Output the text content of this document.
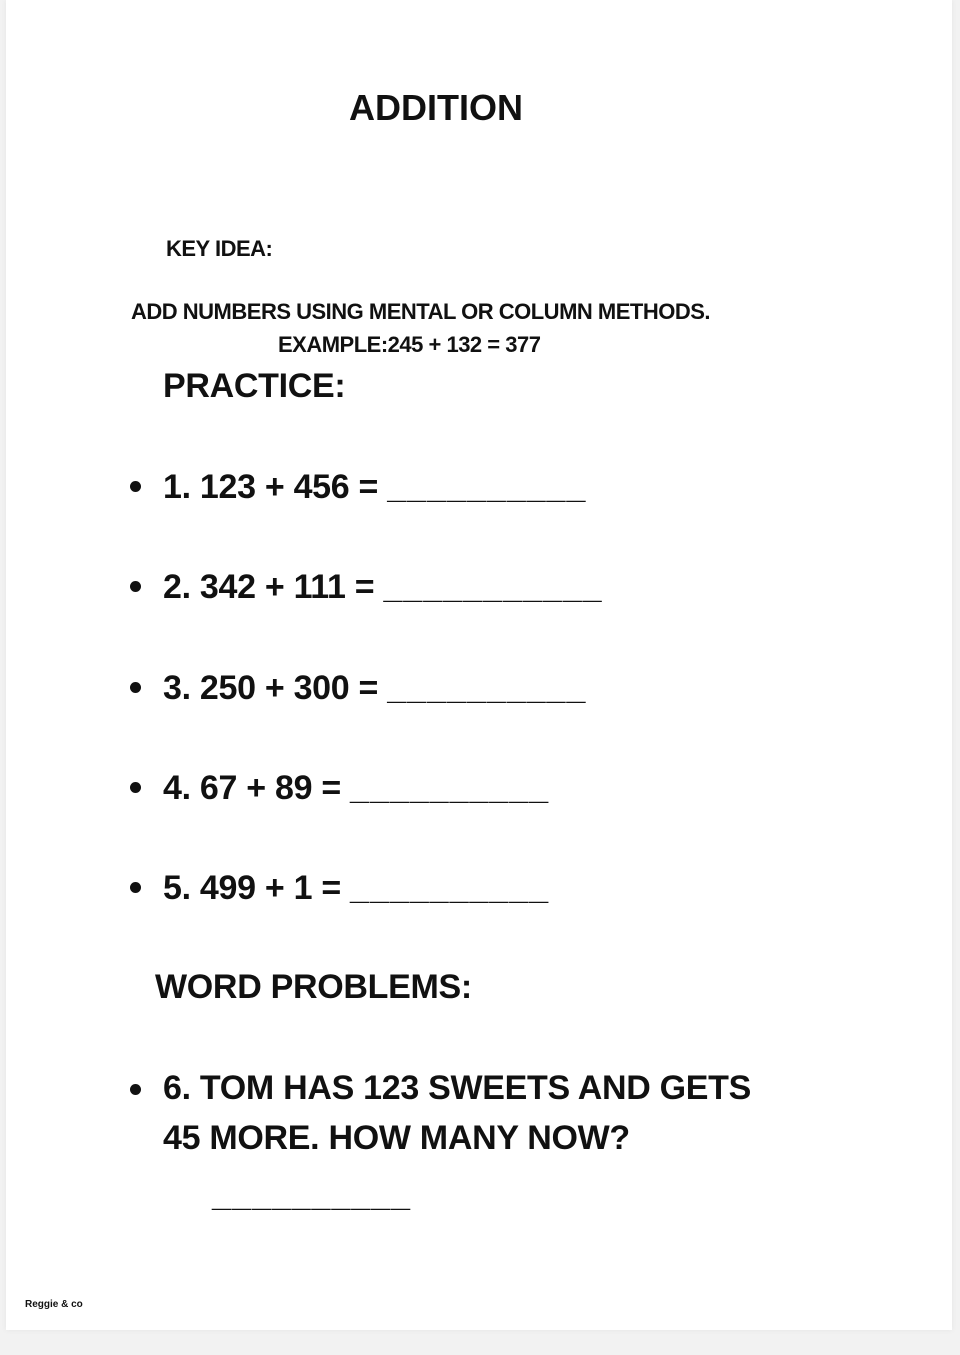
ADDITION
KEY IDEA:
ADD NUMBERS USING MENTAL OR COLUMN METHODS.
EXAMPLE:245 + 132 = 377
PRACTICE:
1. 123 + 456 = __________
2. 342 + 111 = ___________
3. 250 + 300 = __________
4. 67 + 89 = __________
5. 499 + 1 = __________
WORD PROBLEMS:
6. TOM HAS 123 SWEETS AND GETS
45 MORE. HOW MANY NOW?
__________
Reggie & co
